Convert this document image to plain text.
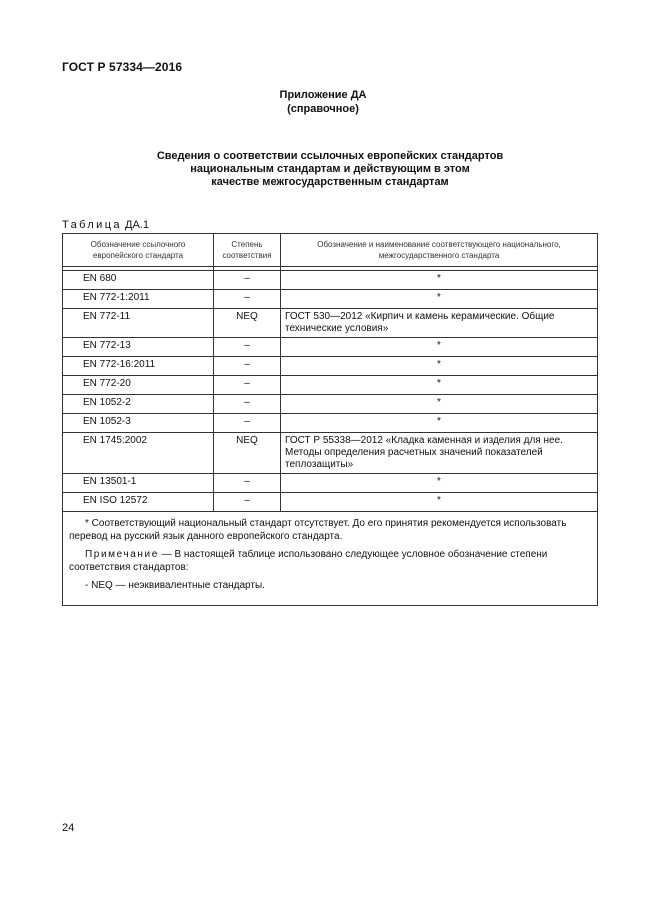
ГОСТ Р 57334—2016
Приложение ДА
(справочное)
Сведения о соответствии ссылочных европейских стандартов
национальным стандартам и действующим в этом
качестве межгосударственным стандартам
Таблица ДА.1
Обозначение ссылочного европейского стандарта	Степень соответствия	Обозначение и наименование соответствующего национального, межгосударственного стандарта

EN 680	–	*
EN 772-1:2011	–	*
EN 772-11	NEQ	ГОСТ 530—2012 «Кирпич и камень керамические. Общие технические условия»
EN 772-13	–	*
EN 772-16:2011	–	*
EN 772-20	–	*
EN 1052-2	–	*
EN 1052-3	–	*
EN 1745:2002	NEQ	ГОСТ Р 55338—2012 «Кладка каменная и изделия для нее. Методы определения расчетных значений показателей теплозащиты»
EN 13501-1	–	*
EN ISO 12572	–	*

* Соответствующий национальный стандарт отсутствует. До его принятия рекомендуется использовать перевод на русский язык данного европейского стандарта.

Примечание — В настоящей таблице использовано следующее условное обозначение степени соответствия стандартов:

- NEQ — неэквивалентные стандарты.		

24
